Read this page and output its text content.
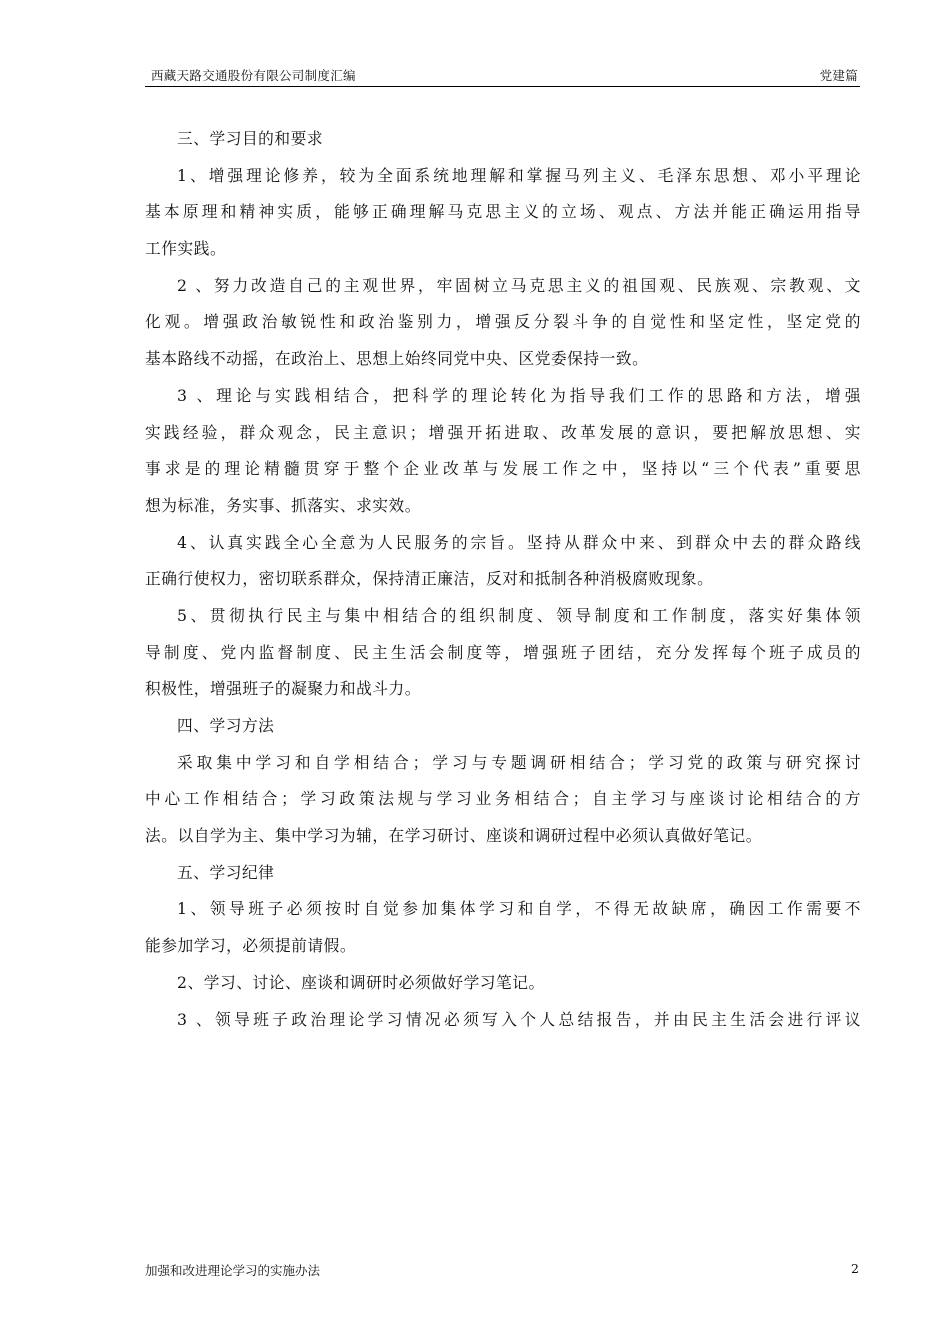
西藏天路交通股份有限公司制度汇编	党建篇
三、学习目的和要求
1、增强理论修养，较为全面系统地理解和掌握马列主义、毛泽东思想、邓小平理论
基本原理和精神实质，能够正确理解马克思主义的立场、观点、方法并能正确运用指导
工作实践。
2 、努力改造自己的主观世界，牢固树立马克思主义的祖国观、民族观、宗教观、文
化观。增强政治敏锐性和政治鉴别力，增强反分裂斗争的自觉性和坚定性，坚定党的
基本路线不动摇，在政治上、思想上始终同党中央、区党委保持一致。
3 、理论与实践相结合，把科学的理论转化为指导我们工作的思路和方法，增强
实践经验，群众观念，民主意识；增强开拓进取、改革发展的意识，要把解放思想、实
事求是的理论精髓贯穿于整个企业改革与发展工作之中，坚持以“三个代表”重要思
想为标准，务实事、抓落实、求实效。
4、认真实践全心全意为人民服务的宗旨。坚持从群众中来、到群众中去的群众路线
正确行使权力，密切联系群众，保持清正廉洁，反对和抵制各种消极腐败现象。
5、贯彻执行民主与集中相结合的组织制度、领导制度和工作制度，落实好集体领
导制度、党内监督制度、民主生活会制度等，增强班子团结，充分发挥每个班子成员的
积极性，增强班子的凝聚力和战斗力。
四、学习方法
采取集中学习和自学相结合；学习与专题调研相结合；学习党的政策与研究探讨
中心工作相结合；学习政策法规与学习业务相结合；自主学习与座谈讨论相结合的方
法。以自学为主、集中学习为辅，在学习研讨、座谈和调研过程中必须认真做好笔记。
五、学习纪律
1、领导班子必须按时自觉参加集体学习和自学，不得无故缺席，确因工作需要不
能参加学习，必须提前请假。
2、学习、讨论、座谈和调研时必须做好学习笔记。
3 、领导班子政治理论学习情况必须写入个人总结报告，并由民主生活会进行评议
加强和改进理论学习的实施办法	2
